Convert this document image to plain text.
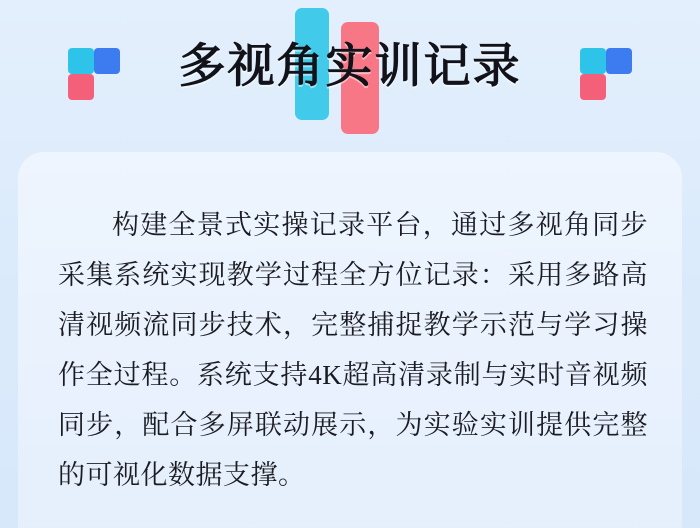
多视角实训记录
构建全景式实操记录平台，通过多视角同步采集系统实现教学过程全方位记录：采用多路高清视频流同步技术，完整捕捉教学示范与学习操作全过程。系统支持4K超高清录制与实时音视频同步，配合多屏联动展示，为实验实训提供完整的可视化数据支撑。
